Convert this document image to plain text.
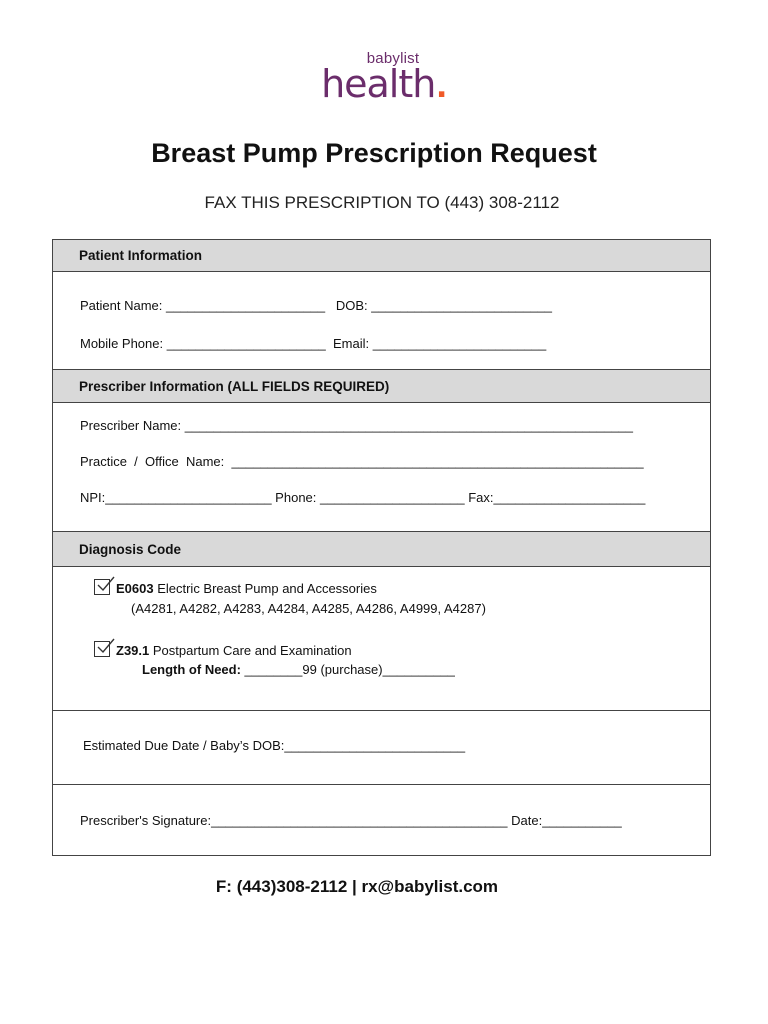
babylist
health.
Breast Pump Prescription Request
FAX THIS PRESCRIPTION TO (443) 308-2112
Patient Information
Patient Name: ______________________   DOB: _________________________
Mobile Phone: ______________________  Email: ________________________
Prescriber Information (ALL FIELDS REQUIRED)
Prescriber Name: ______________________________________________________________
Practice  /  Office  Name:  _________________________________________________________
NPI:_______________________ Phone: ____________________ Fax:_____________________
Diagnosis Code
E0603 Electric Breast Pump and Accessories
(A4281, A4282, A4283, A4284, A4285, A4286, A4999, A4287)
Z39.1 Postpartum Care and Examination
Length of Need: ________99 (purchase)__________
Estimated Due Date / Baby’s DOB:_________________________
Prescriber's Signature:_________________________________________ Date:___________
F: (443)308-2112 | rx@babylist.com
